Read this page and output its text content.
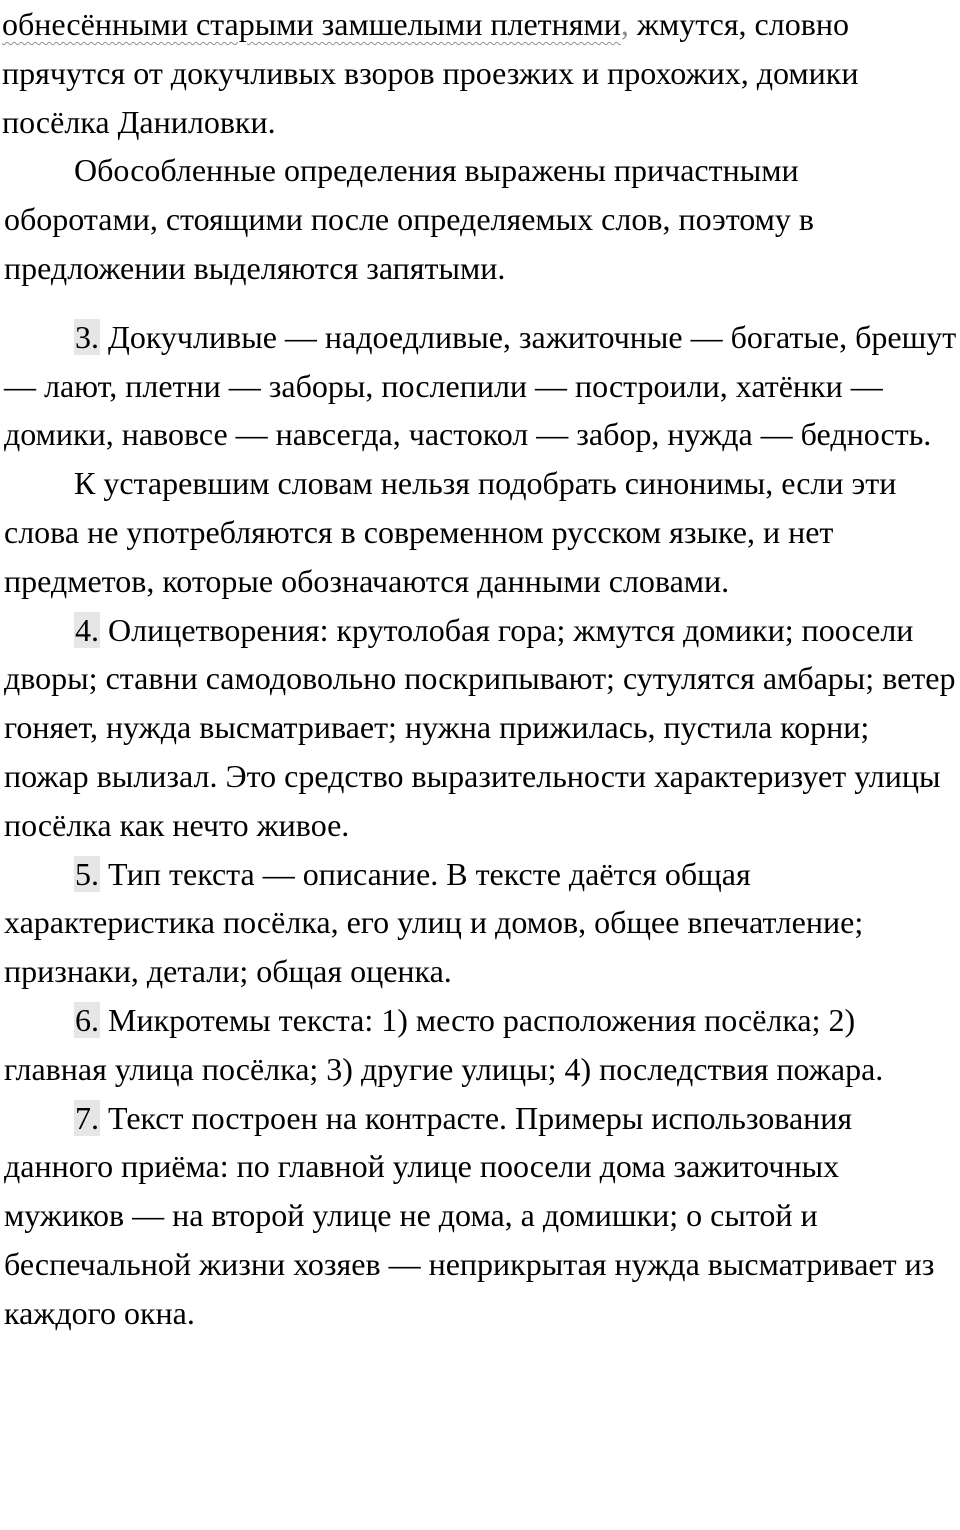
обнесёнными старыми замшелыми плетнями, жмутся, словно прячутся от докучливых взоров проезжих и прохожих, домики посёлка Даниловки.

Обособленные определения выражены причастными оборотами, стоящими после определяемых слов, поэтому в предложении выделяются запятыми.

3. Докучливые — надоедливые, зажиточные — богатые, брешут — лают, плетни — заборы, послепили — построили, хатёнки — домики, навовсе — навсегда, частокол — забор, нужда — бедность.

К устаревшим словам нельзя подобрать синонимы, если эти слова не употребляются в современном русском языке, и нет предметов, которые обозначаются данными словами.

4. Олицетворения: крутолобая гора; жмутся домики; поосели дворы; ставни самодовольно поскрипывают; сутулятся амбары; ветер гоняет, нужда высматривает; нужна прижилась, пустила корни; пожар вылизал. Это средство выразительности характеризует улицы посёлка как нечто живое.

5. Тип текста — описание. В тексте даётся общая характеристика посёлка, его улиц и домов, общее впечатление; признаки, детали; общая оценка.

6. Микротемы текста: 1) место расположения посёлка; 2) главная улица посёлка; 3) другие улицы; 4) последствия пожара.

7. Текст построен на контрасте. Примеры использования данного приёма: по главной улице поосели дома зажиточных мужиков — на второй улице не дома, а домишки; о сытой и беспечальной жизни хозяев — неприкрытая нужда высматривает из каждого окна.
